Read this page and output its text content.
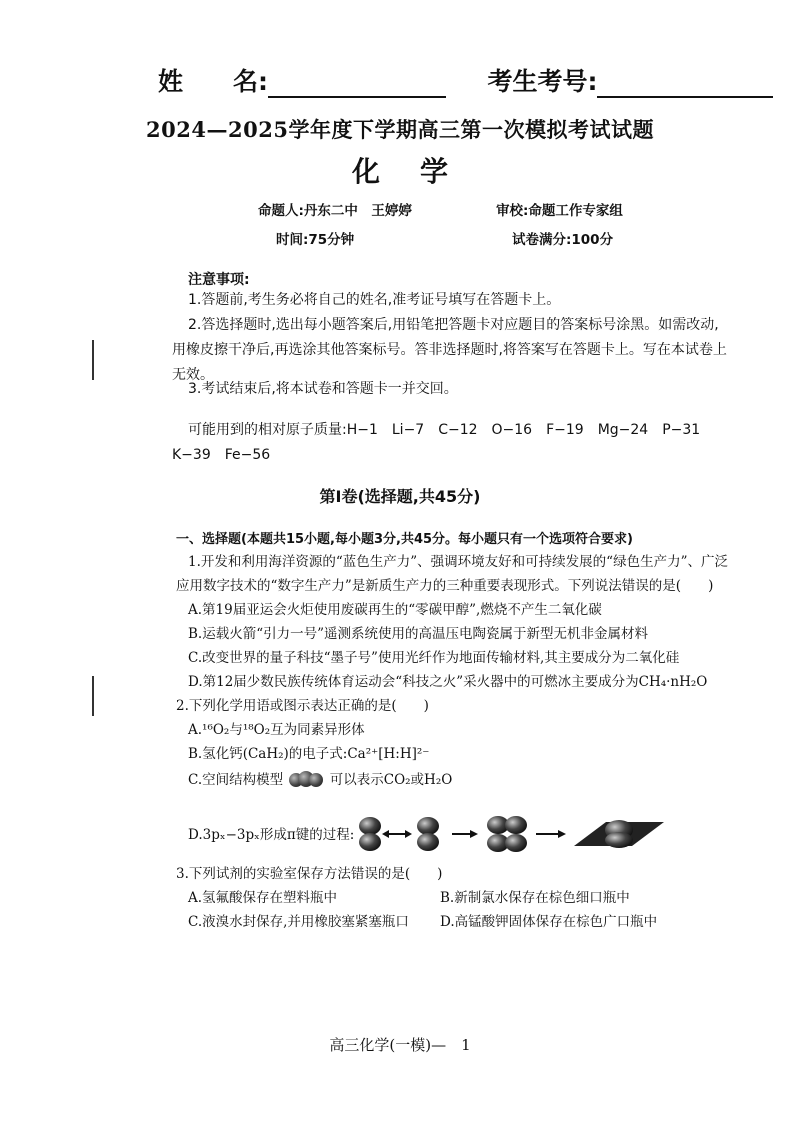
姓　　名:	考生考号:
2024—2025学年度下学期高三第一次模拟考试试题
化学
命题人:丹东二中　王婷婷	审校:命题工作专家组
时间:75分钟	试卷满分:100分
注意事项:
1.答题前,考生务必将自己的姓名,准考证号填写在答题卡上。
2.答选择题时,选出每小题答案后,用铅笔把答题卡对应题目的答案标号涂黑。如需改动,用橡皮擦干净后,再选涂其他答案标号。答非选择题时,将答案写在答题卡上。写在本试卷上无效。
3.考试结束后,将本试卷和答题卡一并交回。
可能用到的相对原子质量:H−1　Li−7　C−12　O−16　F−19　Mg−24　P−31　K−39　Fe−56
第Ⅰ卷(选择题,共45分)
一、选择题(本题共15小题,每小题3分,共45分。每小题只有一个选项符合要求)
1.开发和利用海洋资源的“蓝色生产力”、强调环境友好和可持续发展的“绿色生产力”、广泛应用数字技术的“数字生产力”是新质生产力的三种重要表现形式。下列说法错误的是(　　)
A.第19届亚运会火炬使用废碳再生的“零碳甲醇”,燃烧不产生二氧化碳
B.运载火箭“引力一号”遥测系统使用的高温压电陶瓷属于新型无机非金属材料
C.改变世界的量子科技“墨子号”使用光纤作为地面传输材料,其主要成分为二氧化硅
D.第12届少数民族传统体育运动会“科技之火”采火器中的可燃冰主要成分为CH₄·nH₂O
2.下列化学用语或图示表达正确的是(　　)
A.¹⁶O₂与¹⁸O₂互为同素异形体
B.氢化钙(CaH₂)的电子式:Ca²⁺[H:H]²⁻
C.空间结构模型	可以表示CO₂或H₂O
D.3pₓ−3pₓ形成π键的过程:
3.下列试剂的实验室保存方法错误的是(　　)
A.氢氟酸保存在塑料瓶中	B.新制氯水保存在棕色细口瓶中
C.液溴水封保存,并用橡胶塞紧塞瓶口 D.高锰酸钾固体保存在棕色广口瓶中
高三化学(一模)—　1
